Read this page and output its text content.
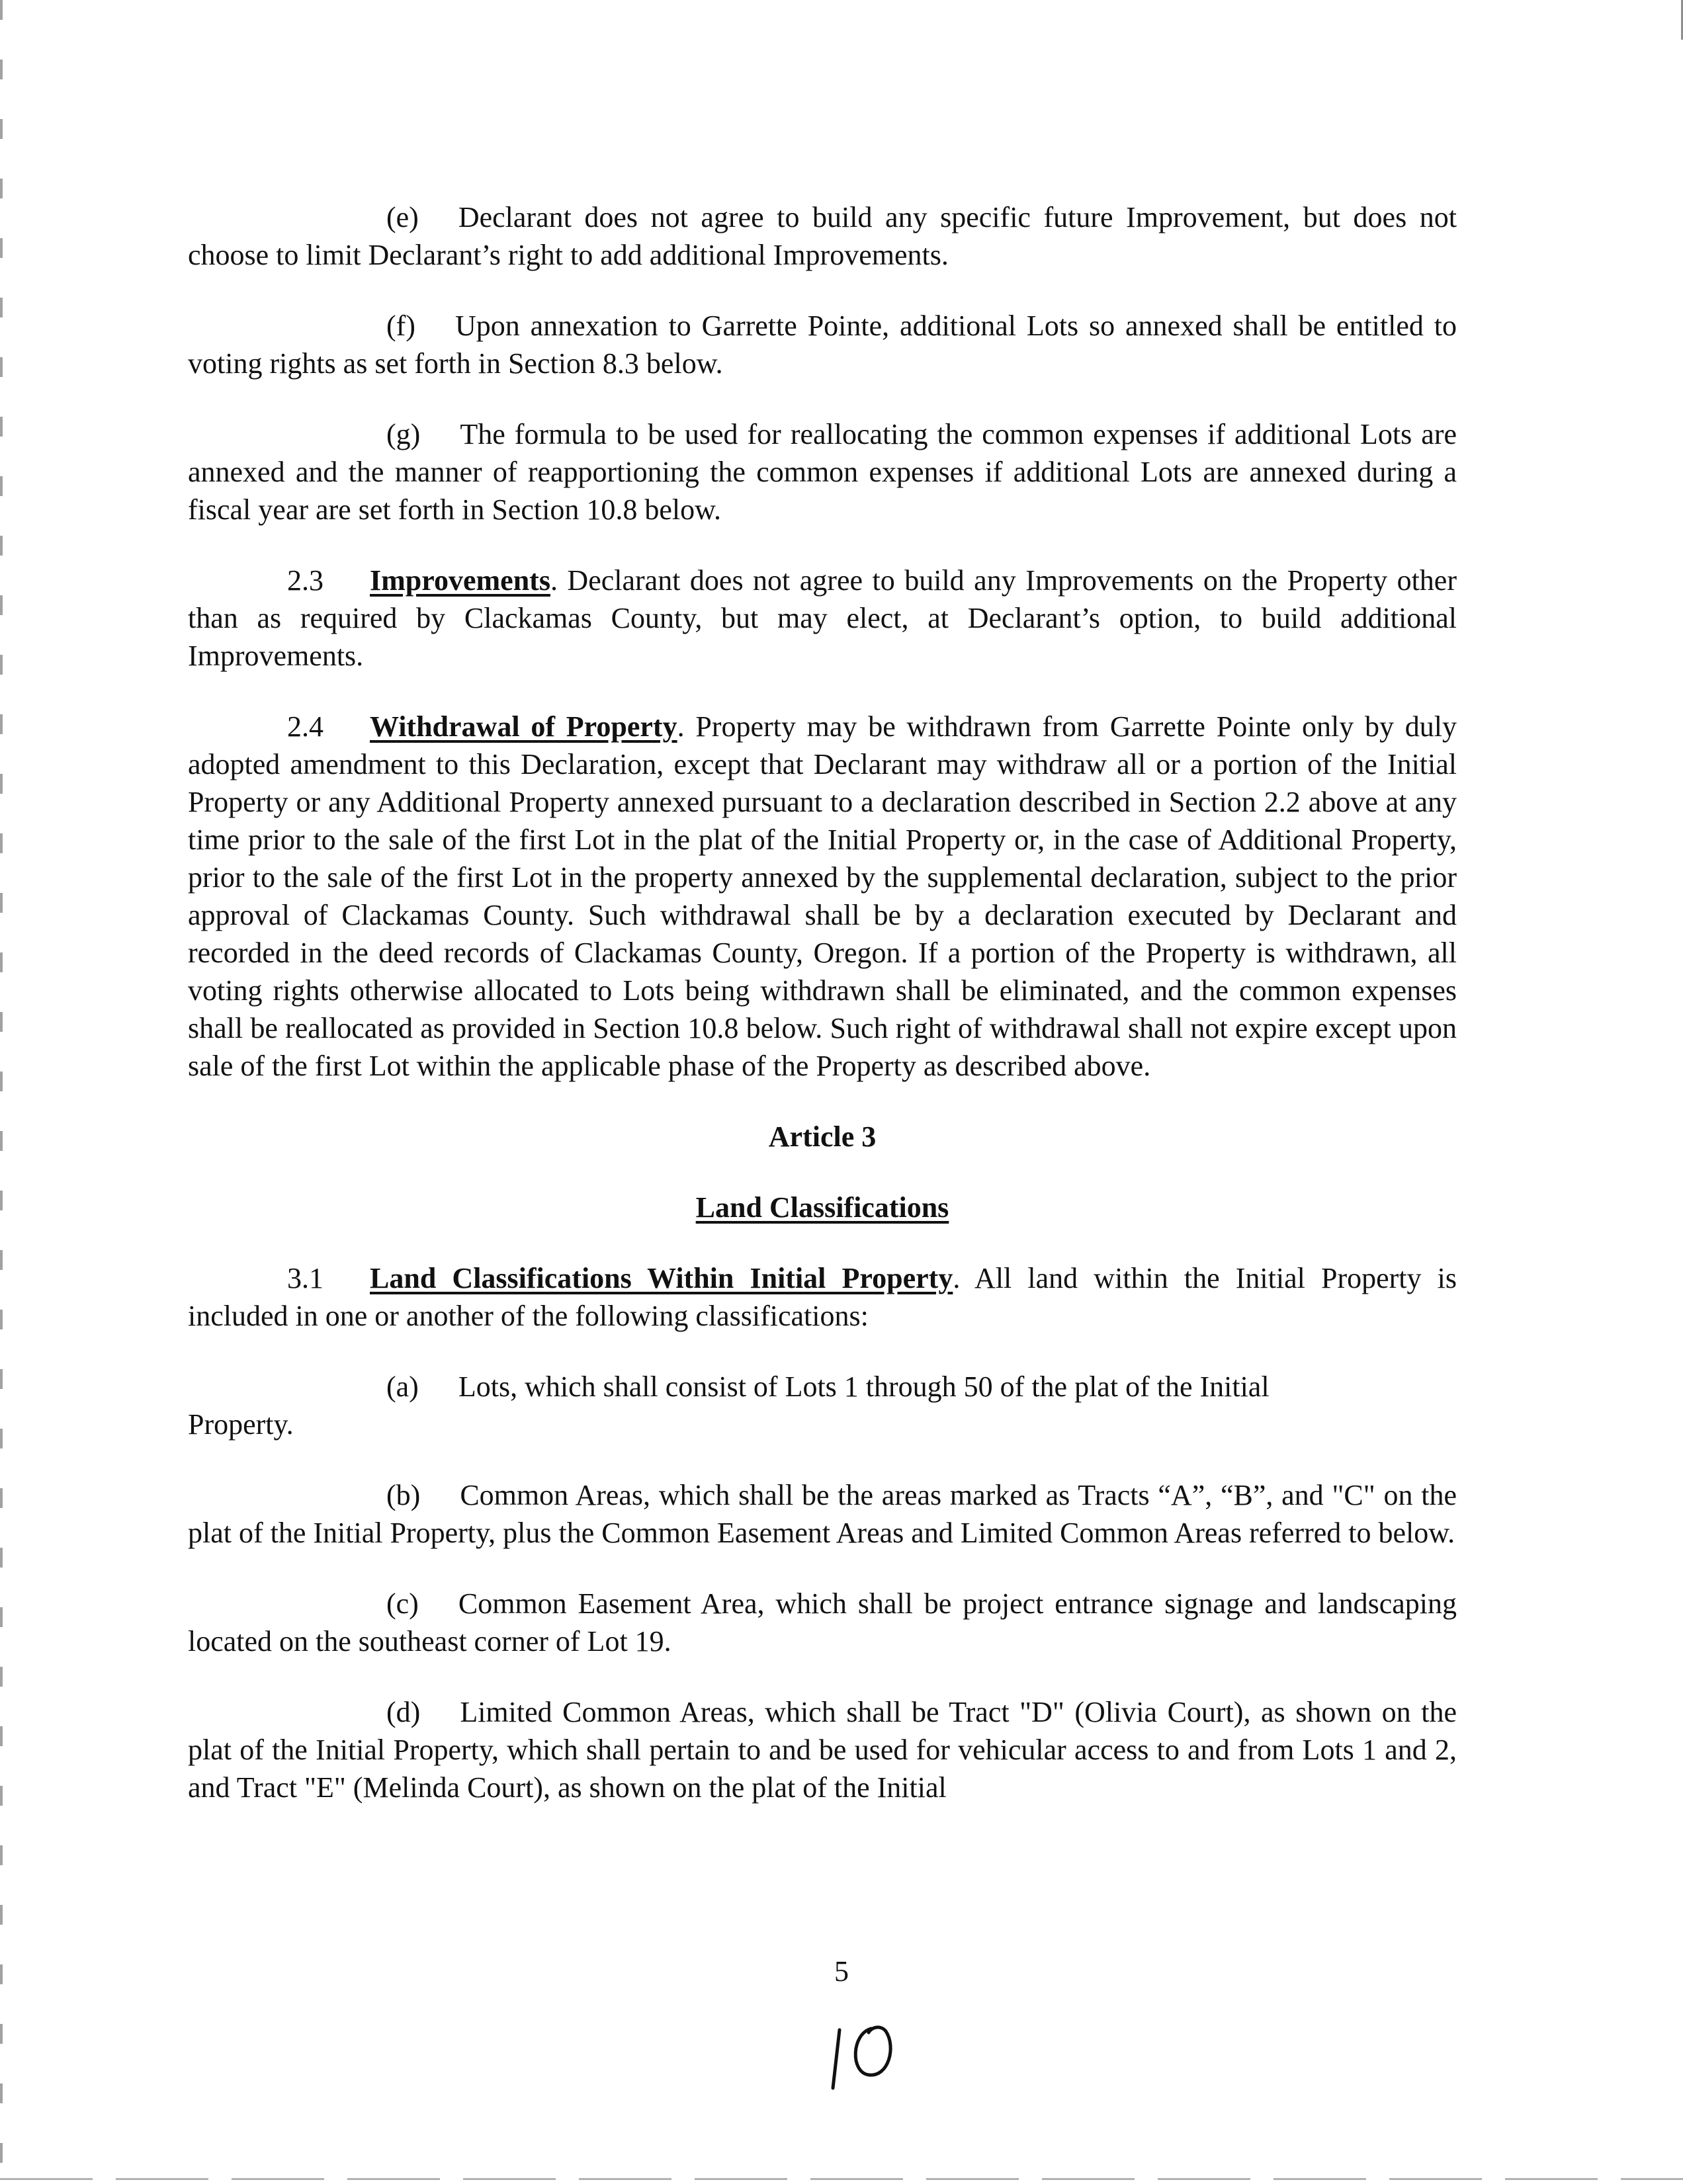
(e) Declarant does not agree to build any specific future Improvement, but does not choose to limit Declarant’s right to add additional Improvements.

(f) Upon annexation to Garrette Pointe, additional Lots so annexed shall be entitled to voting rights as set forth in Section 8.3 below.

(g) The formula to be used for reallocating the common expenses if additional Lots are annexed and the manner of reapportioning the common expenses if additional Lots are annexed during a fiscal year are set forth in Section 10.8 below.

2.3 Improvements. Declarant does not agree to build any Improvements on the Property other than as required by Clackamas County, but may elect, at Declarant’s option, to build additional Improvements.

2.4 Withdrawal of Property. Property may be withdrawn from Garrette Pointe only by duly adopted amendment to this Declaration, except that Declarant may withdraw all or a portion of the Initial Property or any Additional Property annexed pursuant to a declaration described in Section 2.2 above at any time prior to the sale of the first Lot in the plat of the Initial Property or, in the case of Additional Property, prior to the sale of the first Lot in the property annexed by the supplemental declaration, subject to the prior approval of Clackamas County. Such withdrawal shall be by a declaration executed by Declarant and recorded in the deed records of Clackamas County, Oregon. If a portion of the Property is withdrawn, all voting rights otherwise allocated to Lots being withdrawn shall be eliminated, and the common expenses shall be reallocated as provided in Section 10.8 below. Such right of withdrawal shall not expire except upon sale of the first Lot within the applicable phase of the Property as described above.

Article 3
Land Classifications

3.1 Land Classifications Within Initial Property. All land within the Initial Property is included in one or another of the following classifications:

(a) Lots, which shall consist of Lots 1 through 50 of the plat of the Initial

Property.

(b) Common Areas, which shall be the areas marked as Tracts “A”, “B”, and "C" on the plat of the Initial Property, plus the Common Easement Areas and Limited Common Areas referred to below.

(c) Common Easement Area, which shall be project entrance signage and landscaping located on the southeast corner of Lot 19.

(d) Limited Common Areas, which shall be Tract "D" (Olivia Court), as shown on the plat of the Initial Property, which shall pertain to and be used for vehicular access to and from Lots 1 and 2, and Tract "E" (Melinda Court), as shown on the plat of the Initial

5
